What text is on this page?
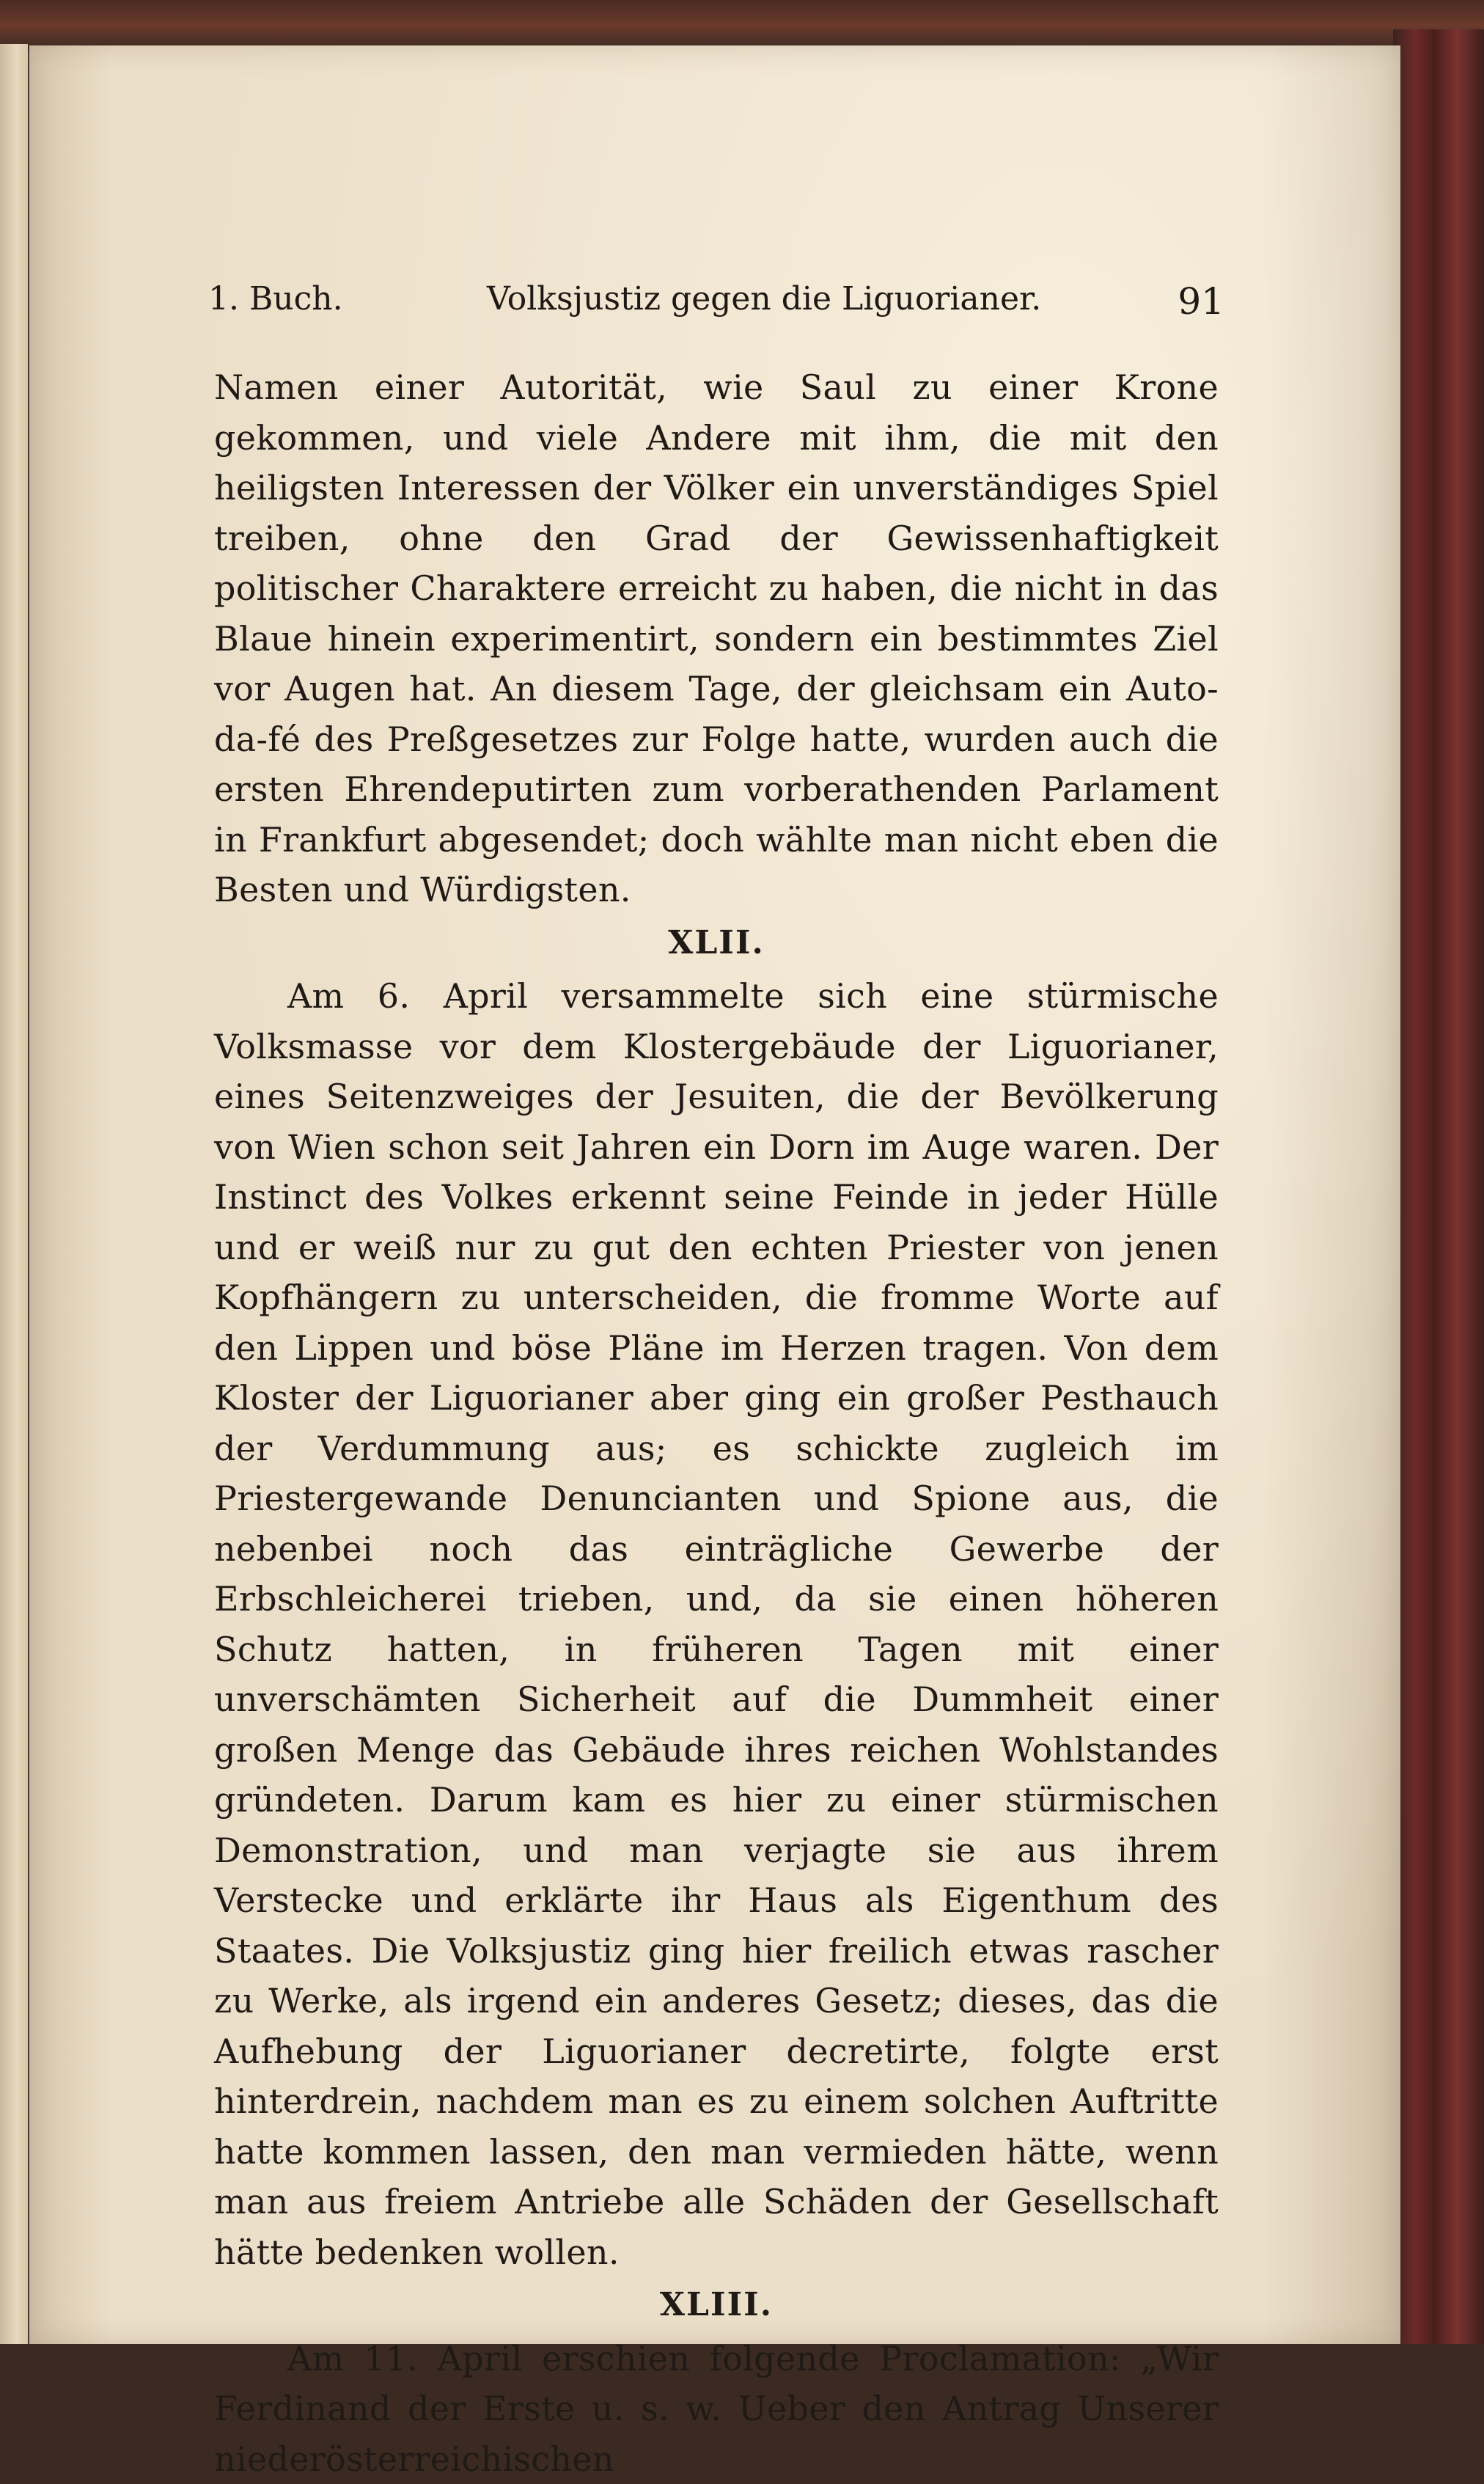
1. Buch.	Volksjustiz gegen die Liguorianer.	91

Namen einer Autorität, wie Saul zu einer Krone gekommen, und viele Andere mit ihm, die mit den heiligsten Interessen der Völker ein unverständiges Spiel treiben, ohne den Grad der Gewissenhaftigkeit politischer Charaktere erreicht zu haben, die nicht in das Blaue hinein experimentirt, sondern ein bestimmtes Ziel vor Augen hat. An diesem Tage, der gleichsam ein Auto-da-fé des Preßgesetzes zur Folge hatte, wurden auch die ersten Ehrendeputirten zum vorberathenden Parlament in Frankfurt abgesendet; doch wählte man nicht eben die Besten und Würdigsten.

XLII.

Am 6. April versammelte sich eine stürmische Volksmasse vor dem Klostergebäude der Liguorianer, eines Seitenzweiges der Jesuiten, die der Bevölkerung von Wien schon seit Jahren ein Dorn im Auge waren. Der Instinct des Volkes erkennt seine Feinde in jeder Hülle und er weiß nur zu gut den echten Priester von jenen Kopfhängern zu unterscheiden, die fromme Worte auf den Lippen und böse Pläne im Herzen tragen. Von dem Kloster der Liguorianer aber ging ein großer Pesthauch der Verdummung aus; es schickte zugleich im Priestergewande Denuncianten und Spione aus, die nebenbei noch das einträgliche Gewerbe der Erbschleicherei trieben, und, da sie einen höheren Schutz hatten, in früheren Tagen mit einer unverschämten Sicherheit auf die Dummheit einer großen Menge das Gebäude ihres reichen Wohlstandes gründeten. Darum kam es hier zu einer stürmischen Demonstration, und man verjagte sie aus ihrem Verstecke und erklärte ihr Haus als Eigenthum des Staates. Die Volksjustiz ging hier freilich etwas rascher zu Werke, als irgend ein anderes Gesetz; dieses, das die Aufhebung der Liguorianer decretirte, folgte erst hinterdrein, nachdem man es zu einem solchen Auftritte hatte kommen lassen, den man vermieden hätte, wenn man aus freiem Antriebe alle Schäden der Gesellschaft hätte bedenken wollen.

XLIII.

Am 11. April erschien folgende Proclamation: „Wir Ferdinand der Erste u. s. w. Ueber den Antrag Unserer niederösterreichischen
